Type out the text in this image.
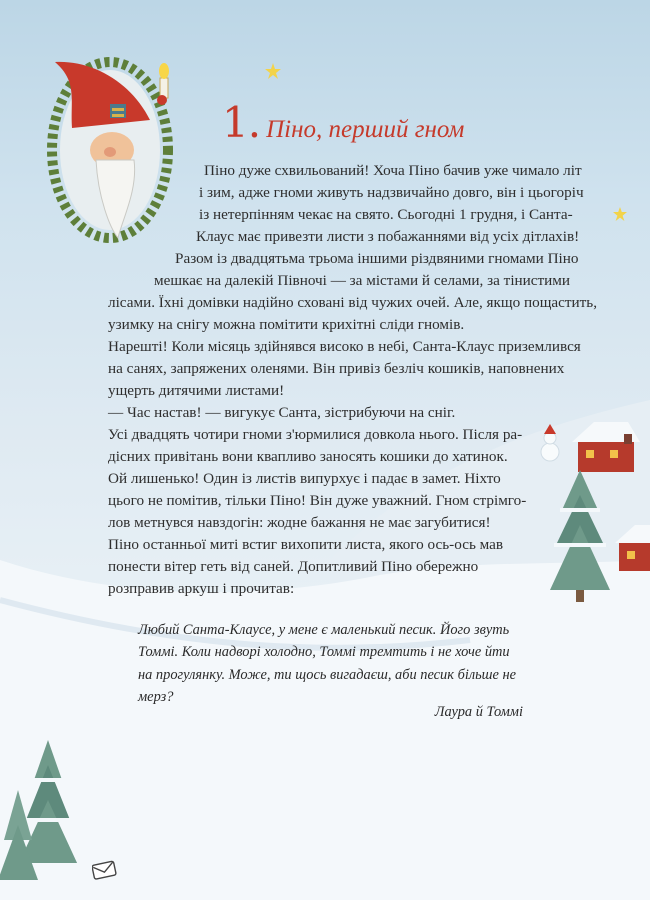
1. Піно, перший гном
Піно дуже схвильований! Хоча Піно бачив уже чимало літ
і зим, адже гноми живуть надзвичайно довго, він і цьогоріч
із нетерпінням чекає на свято. Сьогодні 1 грудня, і Санта-
Клаус має привезти листи з побажаннями від усіх дітлахів!
Разом із двадцятьма трьома іншими різдвяними гномами Піно
мешкає на далекій Півночі — за містами й селами, за тінистими
лісами. Їхні домівки надійно сховані від чужих очей. Але, якщо пощастить,
узимку на снігу можна помітити крихітні сліди гномів.
Нарешті! Коли місяць здійнявся високо в небі, Санта-Клаус приземлився
на санях, запряжених оленями. Він привіз безліч кошиків, наповнених
ущерть дитячими листами!
— Час настав! — вигукує Санта, зістрибуючи на сніг.
Усі двадцять чотири гноми з'юрмилися довкола нього. Після ра-
дісних привітань вони квапливо заносять кошики до хатинок.
Ой лишенько! Один із листів випурхує і падає в замет. Ніхто
цього не помітив, тільки Піно! Він дуже уважний. Гном стрімго-
лов метнувся навздогін: жодне бажання не має загубитися!
Піно останньої миті встиг вихопити листа, якого ось-ось мав
понести вітер геть від саней. Допитливий Піно обережно
розправив аркуш і прочитав:

Любий Санта-Клаусе, у мене є маленький песик. Його звуть

Томмі. Коли надворі холодно, Томмі тремтить і не хоче йти

на прогулянку. Може, ти щось вигадаєш, аби песик більше не

мерз?

Лаура й Томмі
